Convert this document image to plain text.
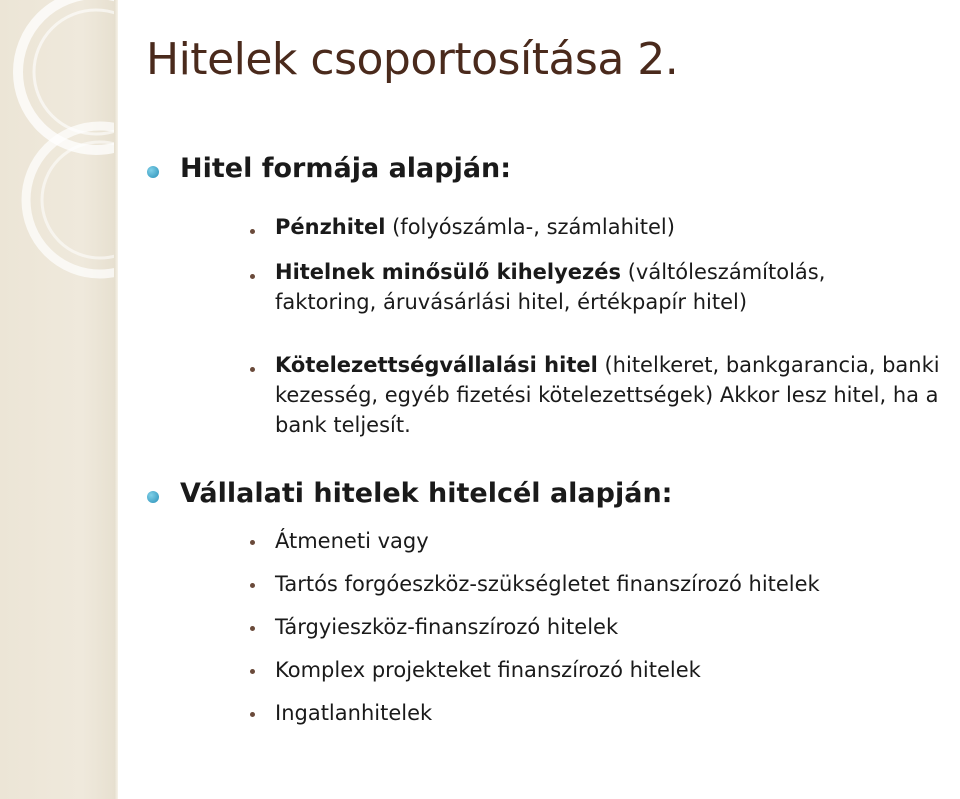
Hitelek csoportosítása 2.
Hitel formája alapján:

Pénzhitel (folyószámla-, számlahitel)

Hitelnek minősülő kihelyezés (váltóleszámítolás, faktoring, áruvásárlási hitel, értékpapír hitel)

Kötelezettségvállalási hitel (hitelkeret, bankgarancia, banki kezesség, egyéb fizetési kötelezettségek) Akkor lesz hitel, ha a bank teljesít.

Vállalati hitelek hitelcél alapján:

Átmeneti vagy

Tartós forgóeszköz-szükségletet finanszírozó hitelek

Tárgyieszköz-finanszírozó hitelek

Komplex projekteket finanszírozó hitelek

Ingatlanhitelek
